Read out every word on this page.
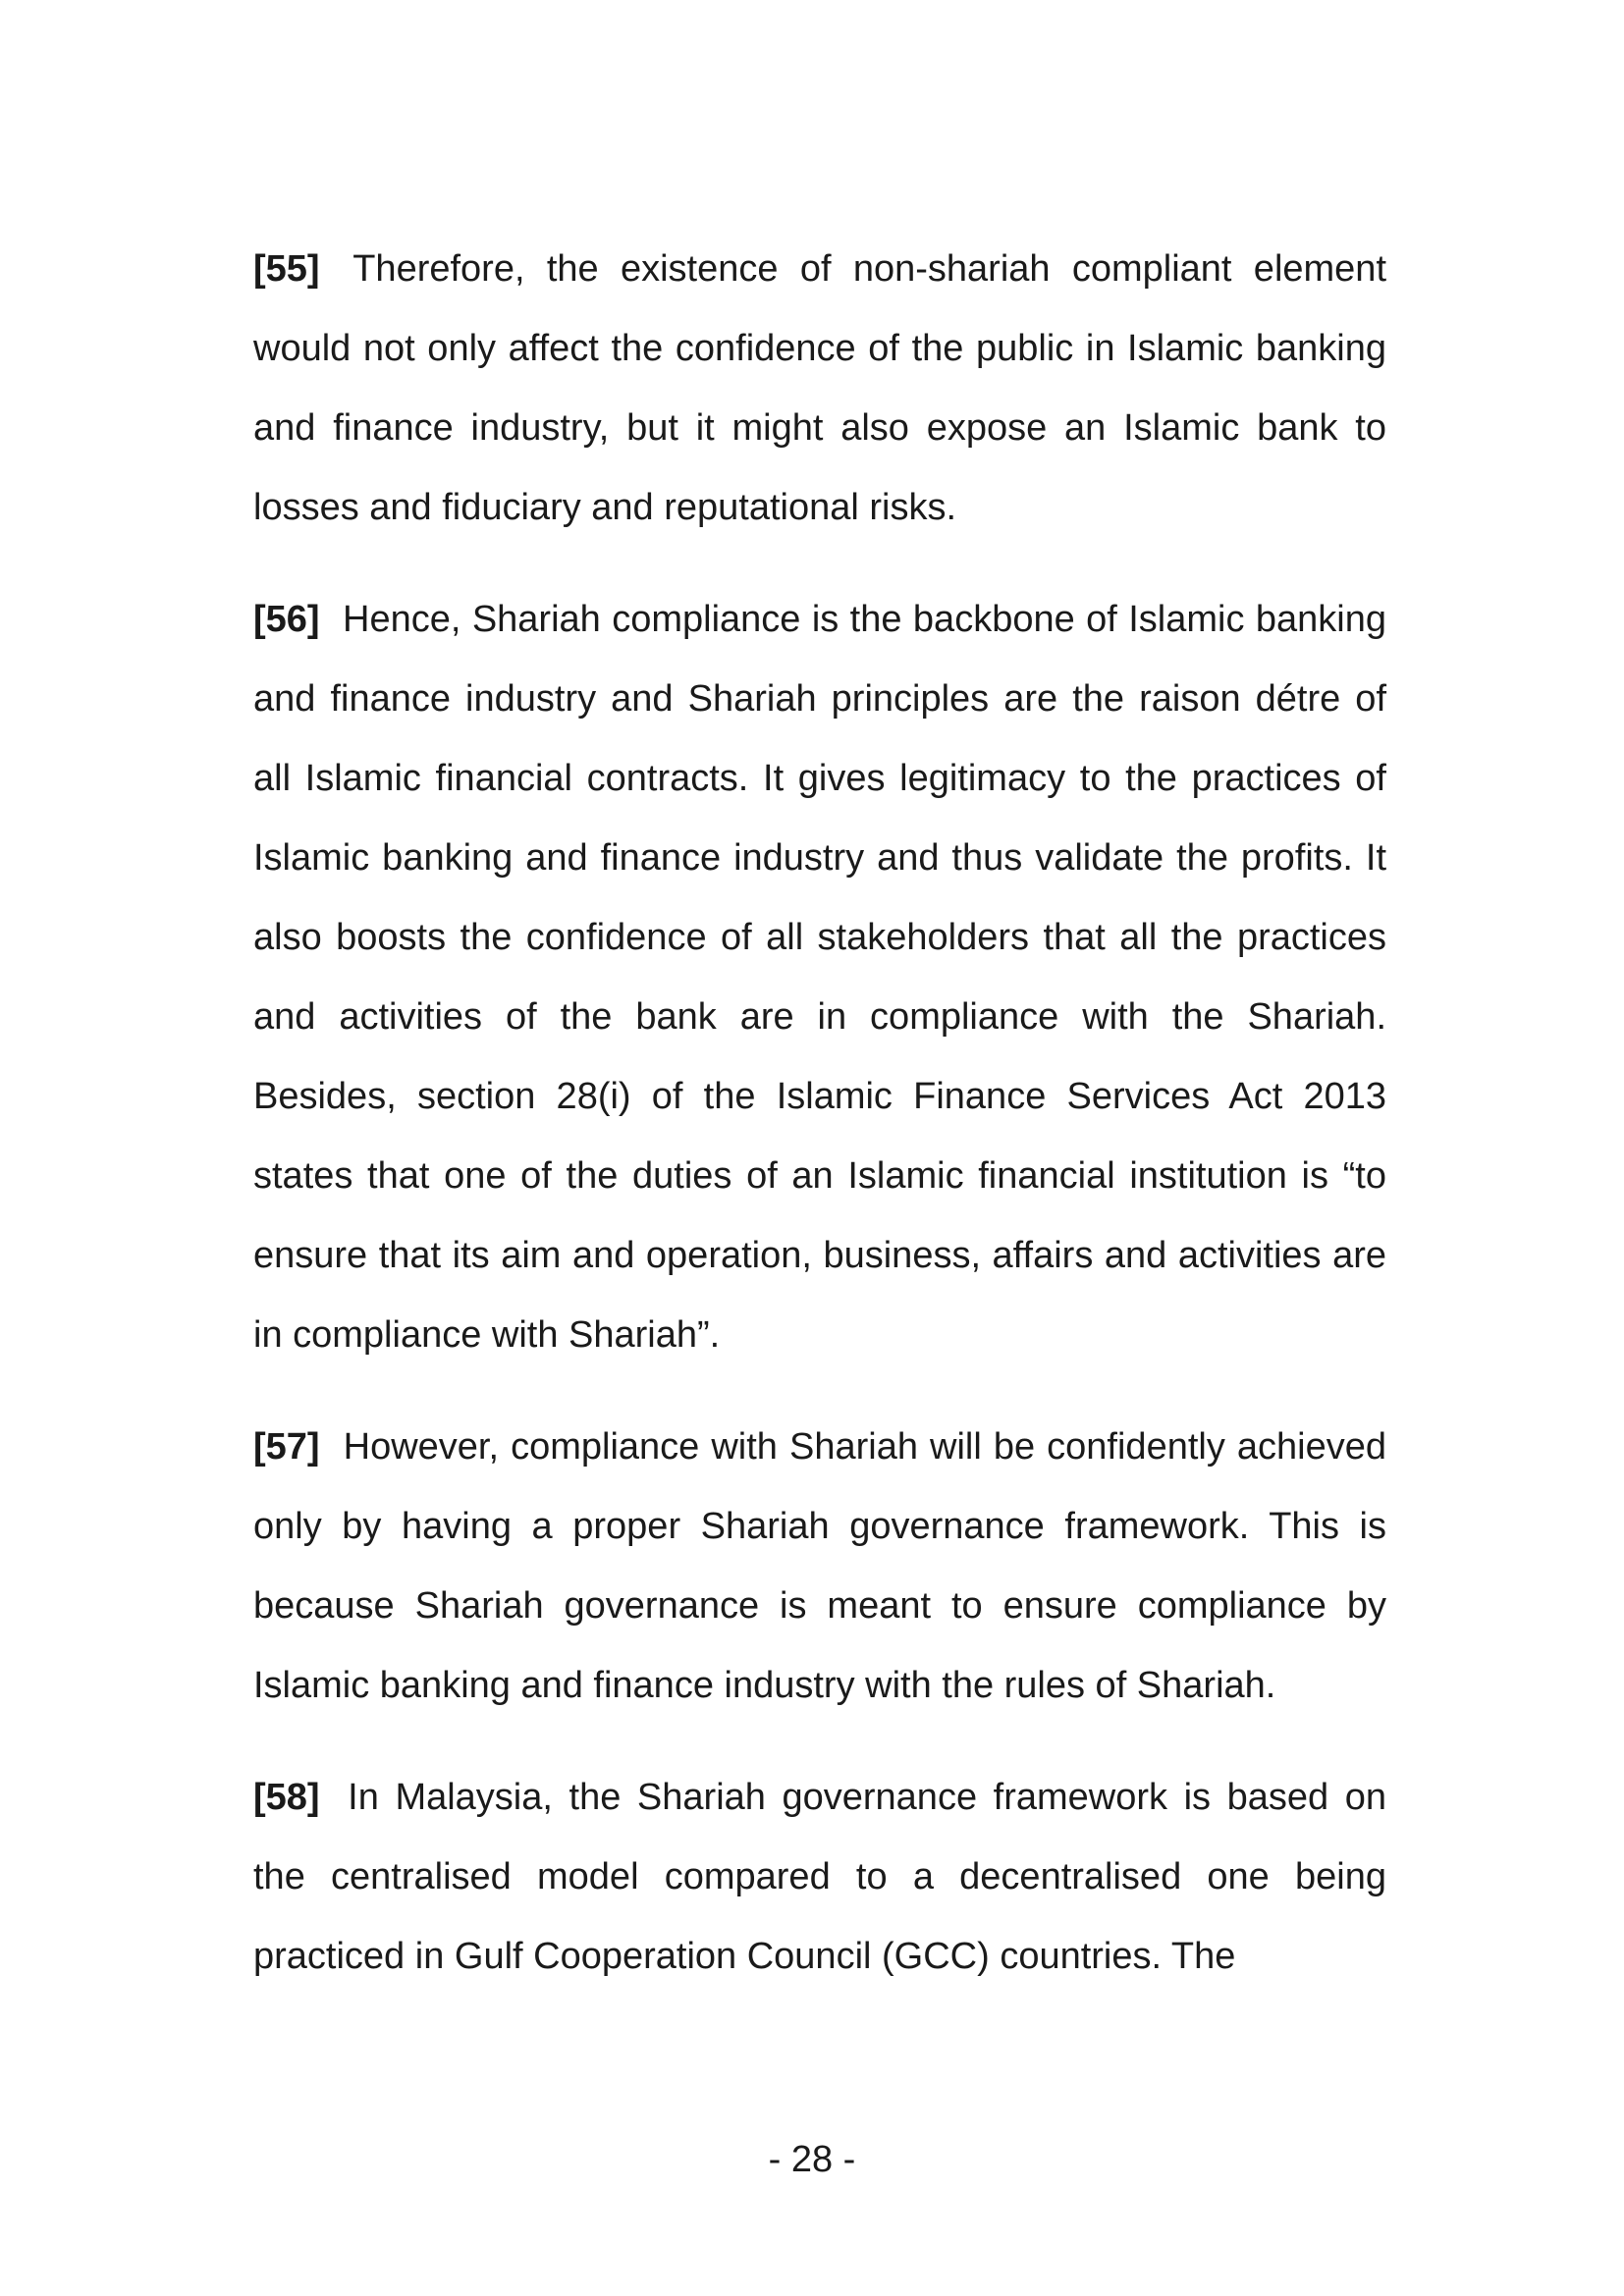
[55] Therefore, the existence of non-shariah compliant element would not only affect the confidence of the public in Islamic banking and finance industry, but it might also expose an Islamic bank to losses and fiduciary and reputational risks.

[56] Hence, Shariah compliance is the backbone of Islamic banking and finance industry and Shariah principles are the raison détre of all Islamic financial contracts. It gives legitimacy to the practices of Islamic banking and finance industry and thus validate the profits. It also boosts the confidence of all stakeholders that all the practices and activities of the bank are in compliance with the Shariah. Besides, section 28(i) of the Islamic Finance Services Act 2013 states that one of the duties of an Islamic financial institution is “to ensure that its aim and operation, business, affairs and activities are in compliance with Shariah”.

[57] However, compliance with Shariah will be confidently achieved only by having a proper Shariah governance framework. This is because Shariah governance is meant to ensure compliance by Islamic banking and finance industry with the rules of Shariah.

[58] In Malaysia, the Shariah governance framework is based on the centralised model compared to a decentralised one being practiced in Gulf Cooperation Council (GCC) countries. The

- 28 -
